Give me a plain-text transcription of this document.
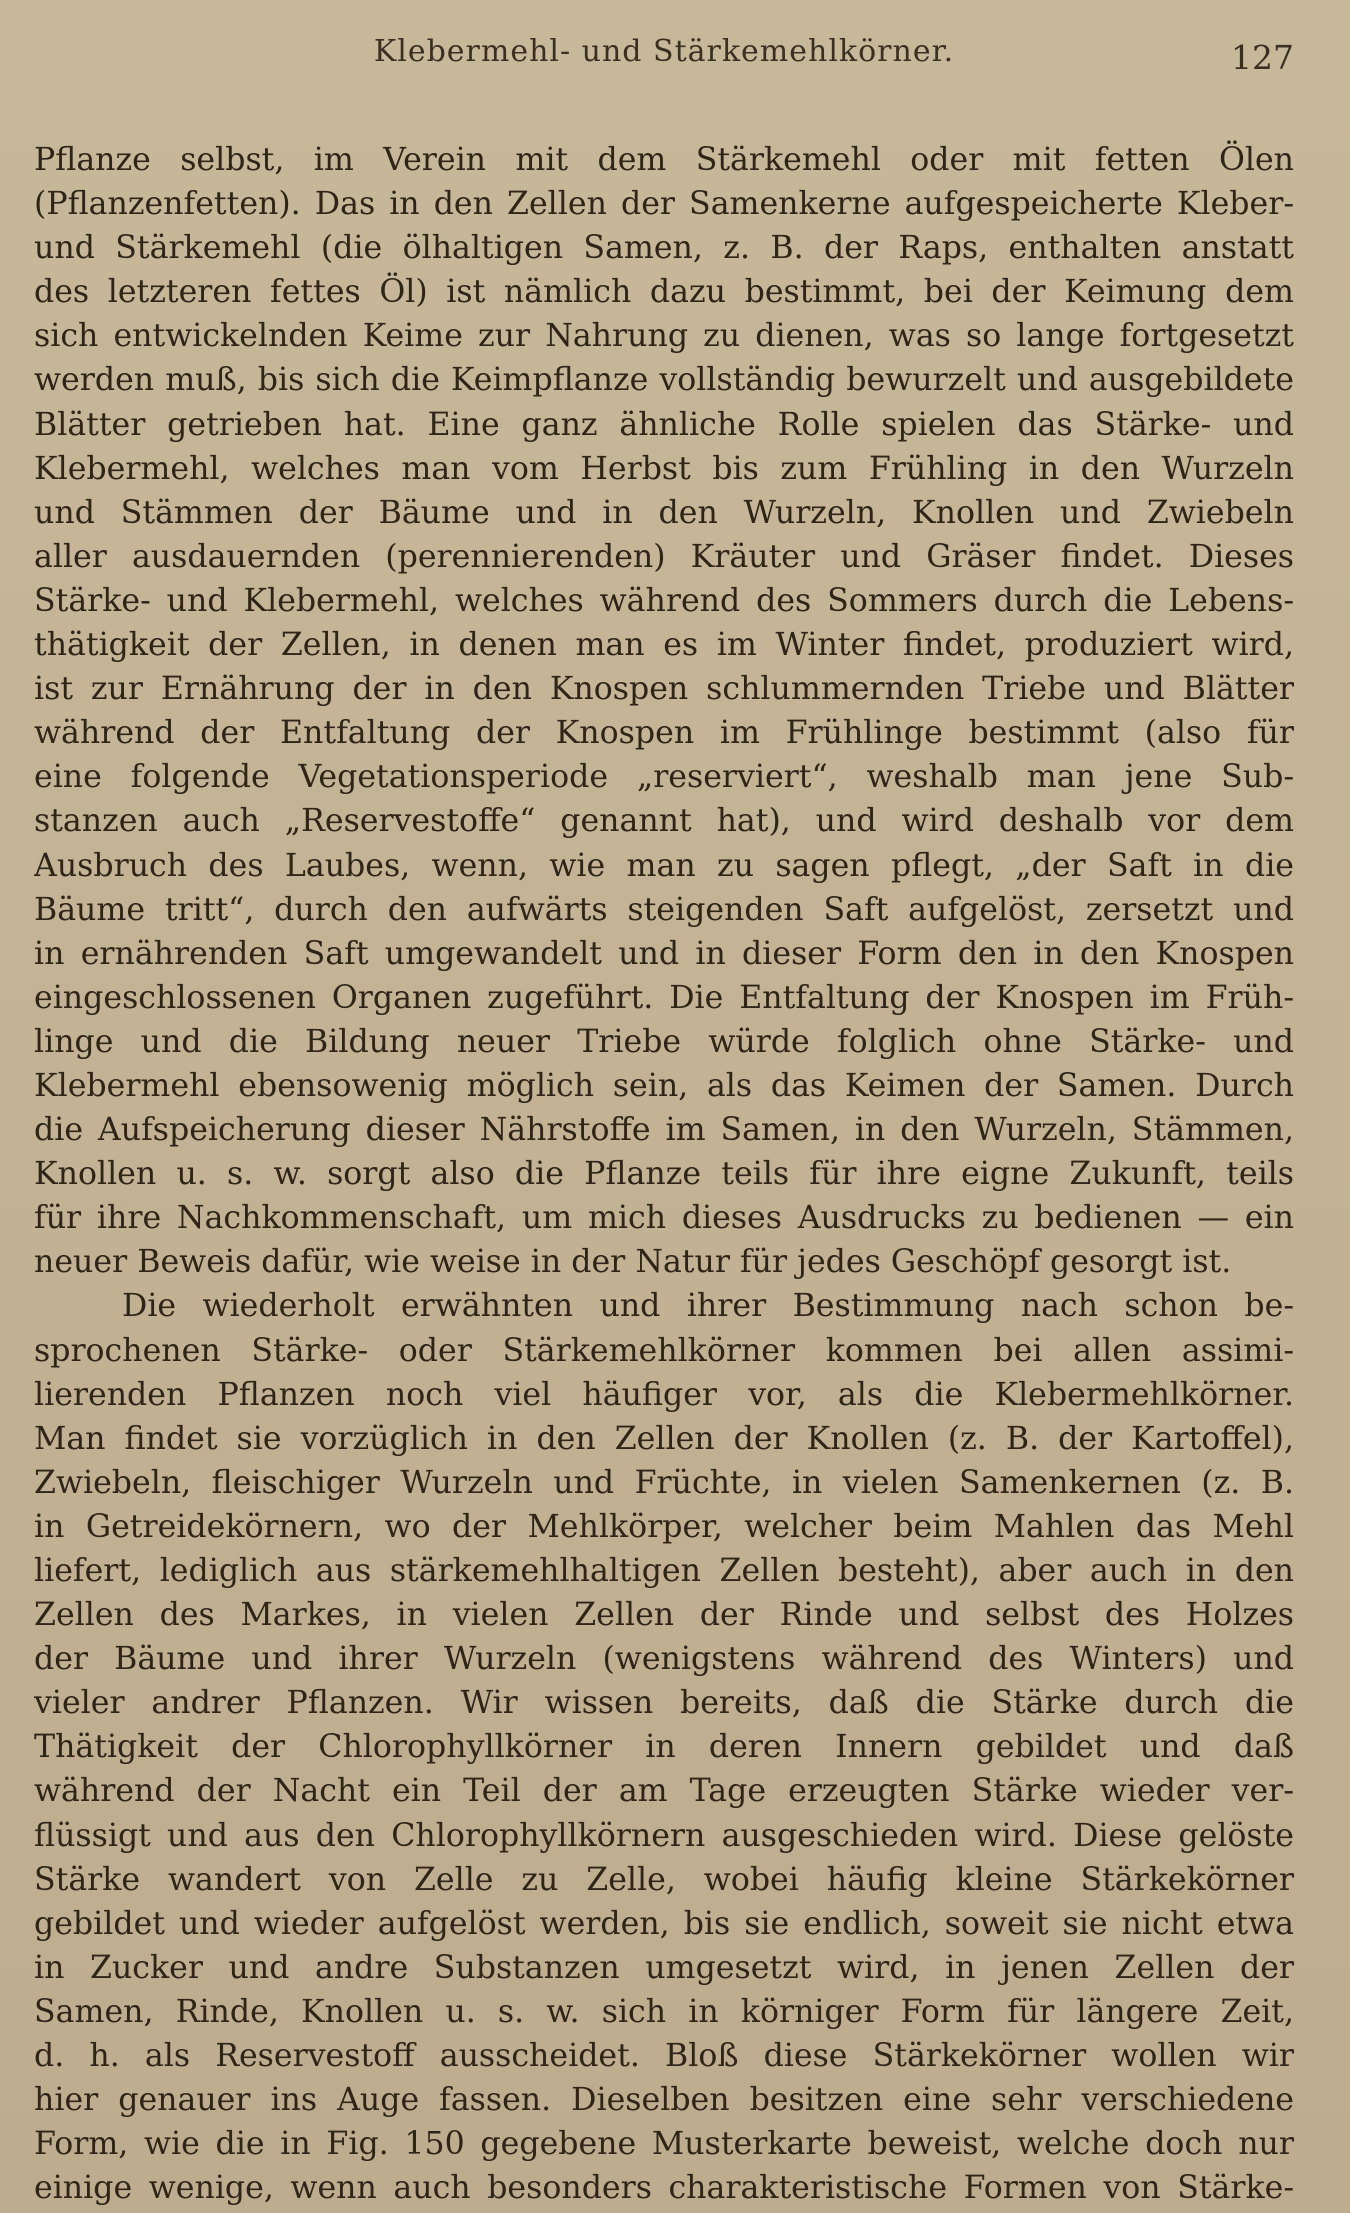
Klebermehl- und Stärkemehlkörner.	127
Pflanze selbst, im Verein mit dem Stärkemehl oder mit fetten Ölen
(Pflanzenfetten). Das in den Zellen der Samenkerne aufgespeicherte Kleber-
und Stärkemehl (die ölhaltigen Samen, z. B. der Raps, enthalten anstatt
des letzteren fettes Öl) ist nämlich dazu bestimmt, bei der Keimung dem
sich entwickelnden Keime zur Nahrung zu dienen, was so lange fortgesetzt
werden muß, bis sich die Keimpflanze vollständig bewurzelt und ausgebildete
Blätter getrieben hat. Eine ganz ähnliche Rolle spielen das Stärke- und
Klebermehl, welches man vom Herbst bis zum Frühling in den Wurzeln
und Stämmen der Bäume und in den Wurzeln, Knollen und Zwiebeln
aller ausdauernden (perennierenden) Kräuter und Gräser findet. Dieses
Stärke- und Klebermehl, welches während des Sommers durch die Lebens-
thätigkeit der Zellen, in denen man es im Winter findet, produziert wird,
ist zur Ernährung der in den Knospen schlummernden Triebe und Blätter
während der Entfaltung der Knospen im Frühlinge bestimmt (also für
eine folgende Vegetationsperiode „reserviert“, weshalb man jene Sub-
stanzen auch „Reservestoffe“ genannt hat), und wird deshalb vor dem
Ausbruch des Laubes, wenn, wie man zu sagen pflegt, „der Saft in die
Bäume tritt“, durch den aufwärts steigenden Saft aufgelöst, zersetzt und
in ernährenden Saft umgewandelt und in dieser Form den in den Knospen
eingeschlossenen Organen zugeführt. Die Entfaltung der Knospen im Früh-
linge und die Bildung neuer Triebe würde folglich ohne Stärke- und
Klebermehl ebensowenig möglich sein, als das Keimen der Samen. Durch
die Aufspeicherung dieser Nährstoffe im Samen, in den Wurzeln, Stämmen,
Knollen u. s. w. sorgt also die Pflanze teils für ihre eigne Zukunft, teils
für ihre Nachkommenschaft, um mich dieses Ausdrucks zu bedienen — ein
neuer Beweis dafür, wie weise in der Natur für jedes Geschöpf gesorgt ist.
Die wiederholt erwähnten und ihrer Bestimmung nach schon be-
sprochenen Stärke- oder Stärkemehlkörner kommen bei allen assimi-
lierenden Pflanzen noch viel häufiger vor, als die Klebermehlkörner.
Man findet sie vorzüglich in den Zellen der Knollen (z. B. der Kartoffel),
Zwiebeln, fleischiger Wurzeln und Früchte, in vielen Samenkernen (z. B.
in Getreidekörnern, wo der Mehlkörper, welcher beim Mahlen das Mehl
liefert, lediglich aus stärkemehlhaltigen Zellen besteht), aber auch in den
Zellen des Markes, in vielen Zellen der Rinde und selbst des Holzes
der Bäume und ihrer Wurzeln (wenigstens während des Winters) und
vieler andrer Pflanzen. Wir wissen bereits, daß die Stärke durch die
Thätigkeit der Chlorophyllkörner in deren Innern gebildet und daß
während der Nacht ein Teil der am Tage erzeugten Stärke wieder ver-
flüssigt und aus den Chlorophyllkörnern ausgeschieden wird. Diese gelöste
Stärke wandert von Zelle zu Zelle, wobei häufig kleine Stärkekörner
gebildet und wieder aufgelöst werden, bis sie endlich, soweit sie nicht etwa
in Zucker und andre Substanzen umgesetzt wird, in jenen Zellen der
Samen, Rinde, Knollen u. s. w. sich in körniger Form für längere Zeit,
d. h. als Reservestoff ausscheidet. Bloß diese Stärkekörner wollen wir
hier genauer ins Auge fassen. Dieselben besitzen eine sehr verschiedene
Form, wie die in Fig. 150 gegebene Musterkarte beweist, welche doch nur
einige wenige, wenn auch besonders charakteristische Formen von Stärke-
